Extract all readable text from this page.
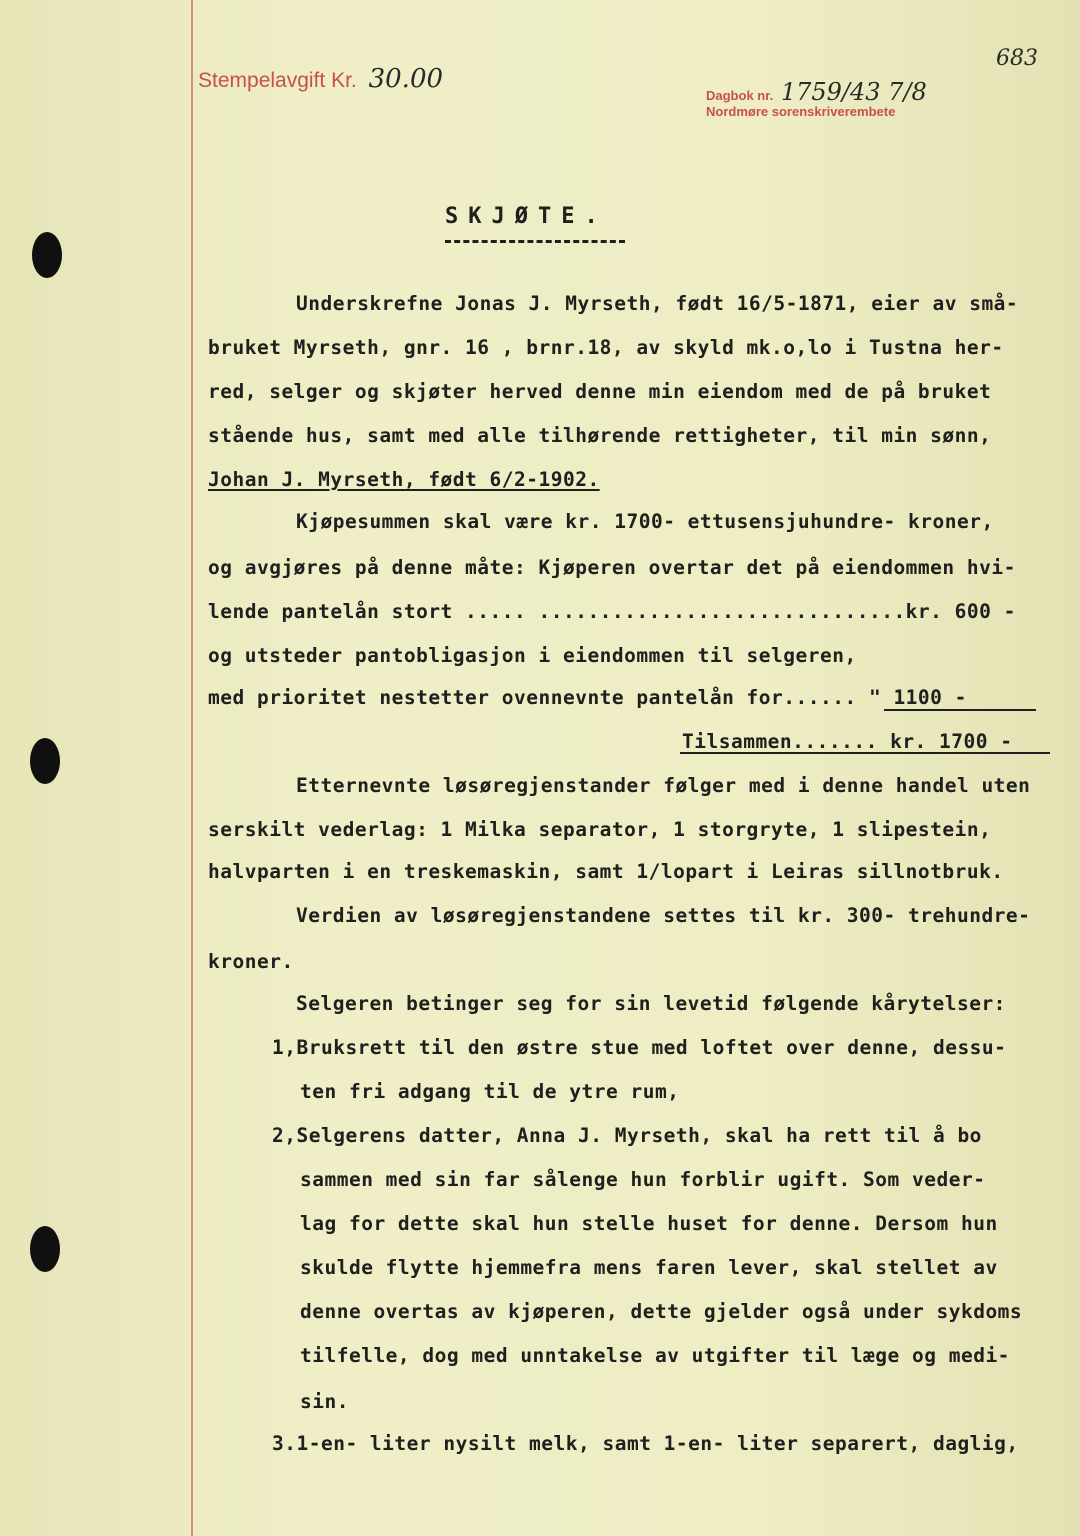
Stempelavgift Kr. 30.00
Dagbok nr. 1759/43 7/8
Nordmøre sorenskriverembete
683
SKJØTE.
Underskrefne Jonas J. Myrseth, født 16/5-1871, eier av små-
bruket Myrseth, gnr. 16 , brnr.18, av skyld mk.o,lo i Tustna her-
red, selger og skjøter herved denne min eiendom med de på bruket
stående hus, samt med alle tilhørende rettigheter, til min sønn,
Johan J. Myrseth, født 6/2-1902.
Kjøpesummen skal være kr. 1700- ettusensjuhundre- kroner,
og avgjøres på denne måte: Kjøperen overtar det på eiendommen hvi-
lende pantelån stort ..... ..............................kr. 600 -
og utsteder pantobligasjon i eiendommen til selgeren,
med prioritet nestetter ovennevnte pantelån for...... " 1100 -
Tilsammen....... kr. 1700 -
Etternevnte løsøregjenstander følger med i denne handel uten
serskilt vederlag: 1 Milka separator, 1 storgryte, 1 slipestein,
halvparten i en treskemaskin, samt 1/lopart i Leiras sillnotbruk.
Verdien av løsøregjenstandene settes til kr. 300- trehundre-
kroner.
Selgeren betinger seg for sin levetid følgende kårytelser:
1,Bruksrett til den østre stue med loftet over denne, dessu-
ten fri adgang til de ytre rum,
2,Selgerens datter, Anna J. Myrseth, skal ha rett til å bo
sammen med sin far sålenge hun forblir ugift. Som veder-
lag for dette skal hun stelle huset for denne. Dersom hun
skulde flytte hjemmefra mens faren lever, skal stellet av
denne overtas av kjøperen, dette gjelder også under sykdoms
tilfelle, dog med unntakelse av utgifter til læge og medi-
sin.
3.1-en- liter nysilt melk, samt 1-en- liter separert, daglig,
